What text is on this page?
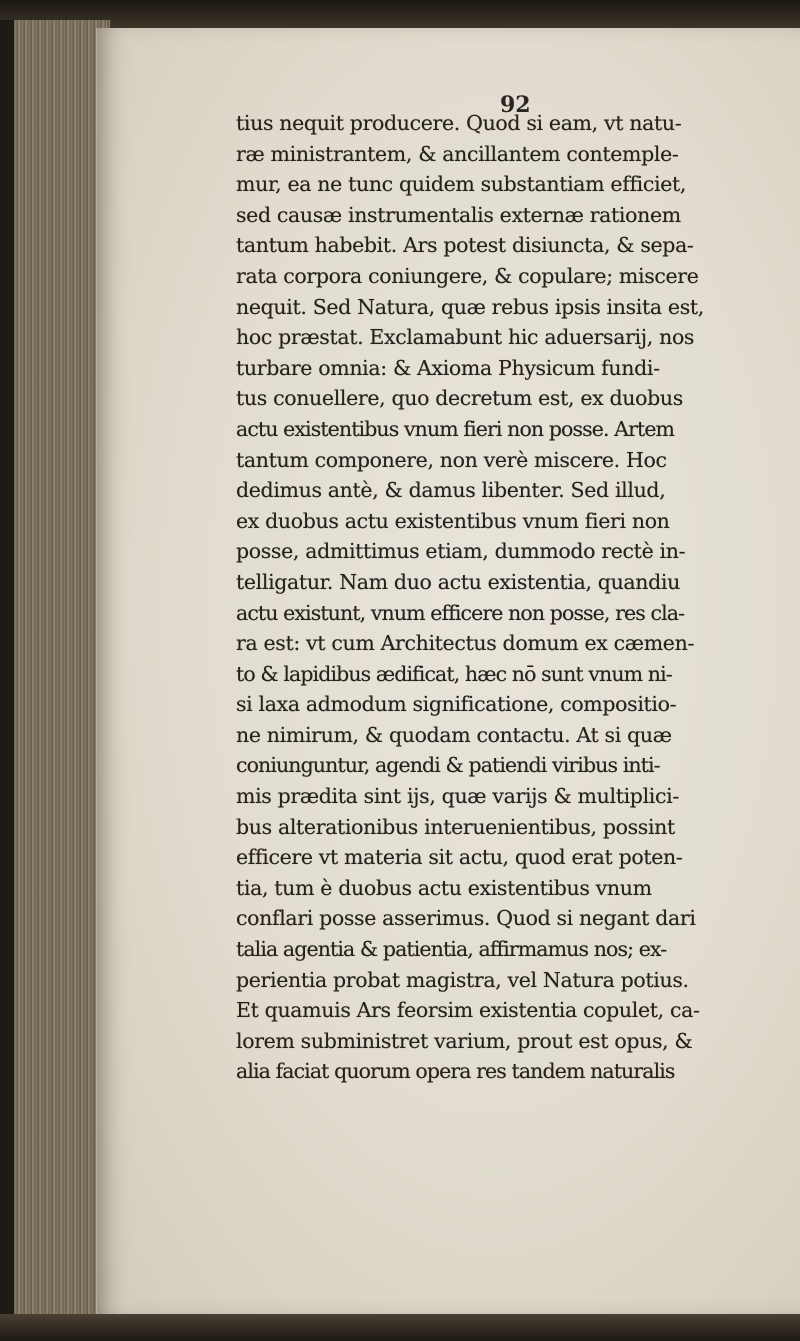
92
tius nequit producere. Quod si eam, vt natu-
ræ ministrantem, & ancillantem contemple-
mur, ea ne tunc quidem substantiam efficiet,
sed causæ instrumentalis externæ rationem
tantum habebit. Ars potest disiuncta, & sepa-
rata corpora coniungere, & copulare; miscere
nequit. Sed Natura, quæ rebus ipsis insita est,
hoc præstat. Exclamabunt hic aduersarij, nos
turbare omnia: & Axioma Physicum fundi-
tus conuellere, quo decretum est, ex duobus
actu existentibus vnum fieri non posse. Artem
tantum componere, non verè miscere. Hoc
dedimus antè, & damus libenter. Sed illud,
ex duobus actu existentibus vnum fieri non
posse, admittimus etiam, dummodo rectè in-
telligatur. Nam duo actu existentia, quandiu
actu existunt, vnum efficere non posse, res cla-
ra est: vt cum Architectus domum ex cæmen-
to & lapidibus ædificat, hæc nō sunt vnum ni-
si laxa admodum significatione, compositio-
ne nimirum, & quodam contactu. At si quæ
coniunguntur, agendi & patiendi viribus inti-
mis prædita sint ijs, quæ varijs & multiplici-
bus alterationibus interuenientibus, possint
efficere vt materia sit actu, quod erat poten-
tia, tum è duobus actu existentibus vnum
conflari posse asserimus. Quod si negant dari
talia agentia & patientia, affirmamus nos; ex-
perientia probat magistra, vel Natura potius.
Et quamuis Ars feorsim existentia copulet, ca-
lorem subministret varium, prout est opus, &
alia faciat quorum opera res tandem naturalis
